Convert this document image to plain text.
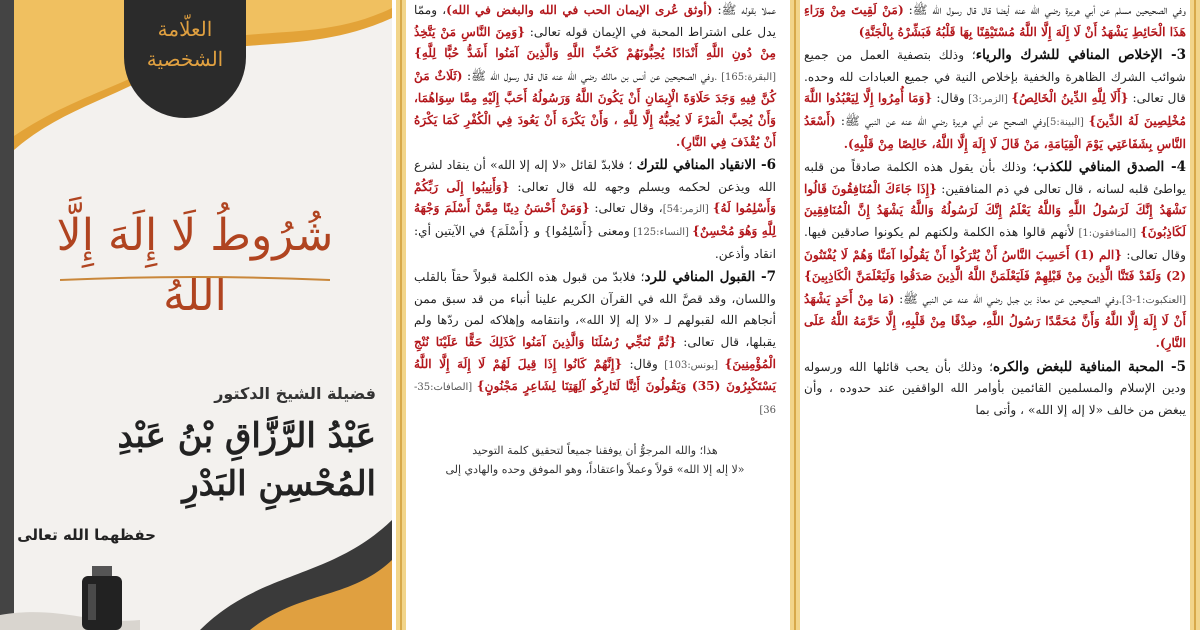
العلّامة الشخصية
شُرُوطُ لَا إِلَهَ إِلَّا اللهُ
فضيلة الشيخ الدكتور
عَبْدُ الرَّزَّاقِ بْنُ عَبْدِ المُحْسِنِ البَدْرِ
حفظهما الله تعالى

وفي الصحيحين مسلم عن أبي هريرة رضي الله عنه أيضا قال قال رسول الله ﷺ: (مَنْ لَقِيتَ مِنْ وَرَاءِ هَذَا الْحَائِطِ يَشْهَدُ أَنْ لَا إِلَهَ إِلَّا اللَّهُ مُسْتَيْقِنًا بِهَا قَلْبُهُ فَبَشِّرْهُ بِالْجَنَّةِ)

3- الإخلاص المنافي للشرك والرياء؛ وذلك بتصفية العمل من جميع شوائب الشرك الظاهرة والخفية بإخلاص النية في جميع العبادات لله وحده. قال تعالى: {أَلَا لِلَّهِ الدِّينُ الْخَالِصُ} [الزمر:3] وقال: {وَمَا أُمِرُوا إِلَّا لِيَعْبُدُوا اللَّهَ مُخْلِصِينَ لَهُ الدِّينَ} [البينة:5]وفي الصحيح عن أبي هريرة رضي الله عنه عن النبي ﷺ: (أَسْعَدُ النَّاسِ بِشَفَاعَتِي يَوْمَ الْقِيَامَةِ، مَنْ قَالَ لَا إِلَهَ إِلَّا اللَّهُ، خَالِصًا مِنْ قَلْبِهِ).

4- الصدق المنافي للكذب؛ وذلك بأن يقول هذه الكلمة صادقاً من قلبه يواطئ قلبه لسانه ، قال تعالى في ذم المنافقين: {إِذَا جَاءَكَ الْمُنَافِقُونَ قَالُوا نَشْهَدُ إِنَّكَ لَرَسُولُ اللَّهِ وَاللَّهُ يَعْلَمُ إِنَّكَ لَرَسُولُهُ وَاللَّهُ يَشْهَدُ إِنَّ الْمُنَافِقِينَ لَكَاذِبُونَ} [المنافقون:1] لأنهم قالوا هذه الكلمة ولكنهم لم يكونوا صادقين فيها. وقال تعالى: {الم (1) أَحَسِبَ النَّاسُ أَنْ يُتْرَكُوا أَنْ يَقُولُوا آمَنَّا وَهُمْ لَا يُفْتَنُونَ (2) وَلَقَدْ فَتَنَّا الَّذِينَ مِنْ قَبْلِهِمْ فَلَيَعْلَمَنَّ اللَّهُ الَّذِينَ صَدَقُوا وَلَيَعْلَمَنَّ الْكَاذِبِينَ} [العنكبوت:1-3].وفي الصحيحين عن معاذ بن جبل رضي الله عنه عن النبي ﷺ: (مَا مِنْ أَحَدٍ يَشْهَدُ أَنْ لَا إِلَهَ إِلَّا اللَّهُ وَأَنَّ مُحَمَّدًا رَسُولُ اللَّهِ، صِدْقًا مِنْ قَلْبِهِ، إِلَّا حَرَّمَهُ اللَّهُ عَلَى النَّارِ).

5- المحبة المنافية للبغض والكره؛ وذلك بأن يحب قائلها الله ورسوله ودين الإسلام والمسلمين القائمين بأوامر الله الواقفين عند حدوده ، وأن يبغض من خالف «لا إله إلا الله» ، وأتى بما

عملا بقوله ﷺ: (أوثق عُرى الإيمان الحب في الله والبغض في الله)، وممّا يدل على اشتراط المحبة في الإيمان قوله تعالى: {وَمِنَ النَّاسِ مَنْ يَتَّخِذُ مِنْ دُونِ اللَّهِ أَنْدَادًا يُحِبُّونَهُمْ كَحُبِّ اللَّهِ وَالَّذِينَ آمَنُوا أَشَدُّ حُبًّا لِلَّهِ} [البقرة:165] .وفي الصحيحين عن أنس بن مالك رضي الله عنه قال قال رسول الله ﷺ: (ثَلَاثٌ مَنْ كُنَّ فِيهِ وَجَدَ حَلَاوَةَ الْإِيمَانِ أَنْ يَكُونَ اللَّهُ وَرَسُولُهُ أَحَبَّ إِلَيْهِ مِمَّا سِوَاهُمَا، وَأَنْ يُحِبَّ الْمَرْءَ لَا يُحِبُّهُ إِلَّا لِلَّهِ ، وَأَنْ يَكْرَهَ أَنْ يَعُودَ فِي الْكُفْرِ كَمَا يَكْرَهُ أَنْ يُقْذَفَ فِي النَّارِ).

6- الانقياد المنافي للترك ؛ فلابدّ لقائل «لا إله إلا الله» أن ينقاد لشرع الله ويذعن لحكمه ويسلم وجهه لله قال تعالى: {وَأَنِيبُوا إِلَى رَبِّكُمْ وَأَسْلِمُوا لَهُ} [الزمر:54]، وقال تعالى: {وَمَنْ أَحْسَنُ دِينًا مِمَّنْ أَسْلَمَ وَجْهَهُ لِلَّهِ وَهُوَ مُحْسِنٌ} [النساء:125] ومعنى {أَسْلِمُوا} و {أَسْلَمَ} في الآيتين أي: انقاد وأذعن.

7- القبول المنافي للرد؛ فلابدّ من قبول هذه الكلمة قبولاً حقاً بالقلب واللسان، وقد قصَّ الله في القرآن الكريم علينا أنباء من قد سبق ممن أنجاهم الله لقبولهم لـ «لا إله إلا الله»، وانتقامه وإهلاكه لمن ردّها ولم يقبلها، قال تعالى: {ثُمَّ نُنَجِّي رُسُلَنَا وَالَّذِينَ آمَنُوا كَذَلِكَ حَقًّا عَلَيْنَا نُنْجِ الْمُؤْمِنِينَ} [يونس:103] وقال: {إِنَّهُمْ كَانُوا إِذَا قِيلَ لَهُمْ لَا إِلَهَ إِلَّا اللَّهُ يَسْتَكْبِرُونَ (35) وَيَقُولُونَ أَئِنَّا لَتَارِكُو آلِهَتِنَا لِشَاعِرٍ مَجْنُونٍ} [الصافات:35-36]

هذا؛ والله المرجوُّ أن يوفقنا جميعاً لتحقيق كلمة التوحيد
«لا إله إلا الله» قولاً وعملاً واعتقاداً، وهو الموفق وحده والهادي إلى
